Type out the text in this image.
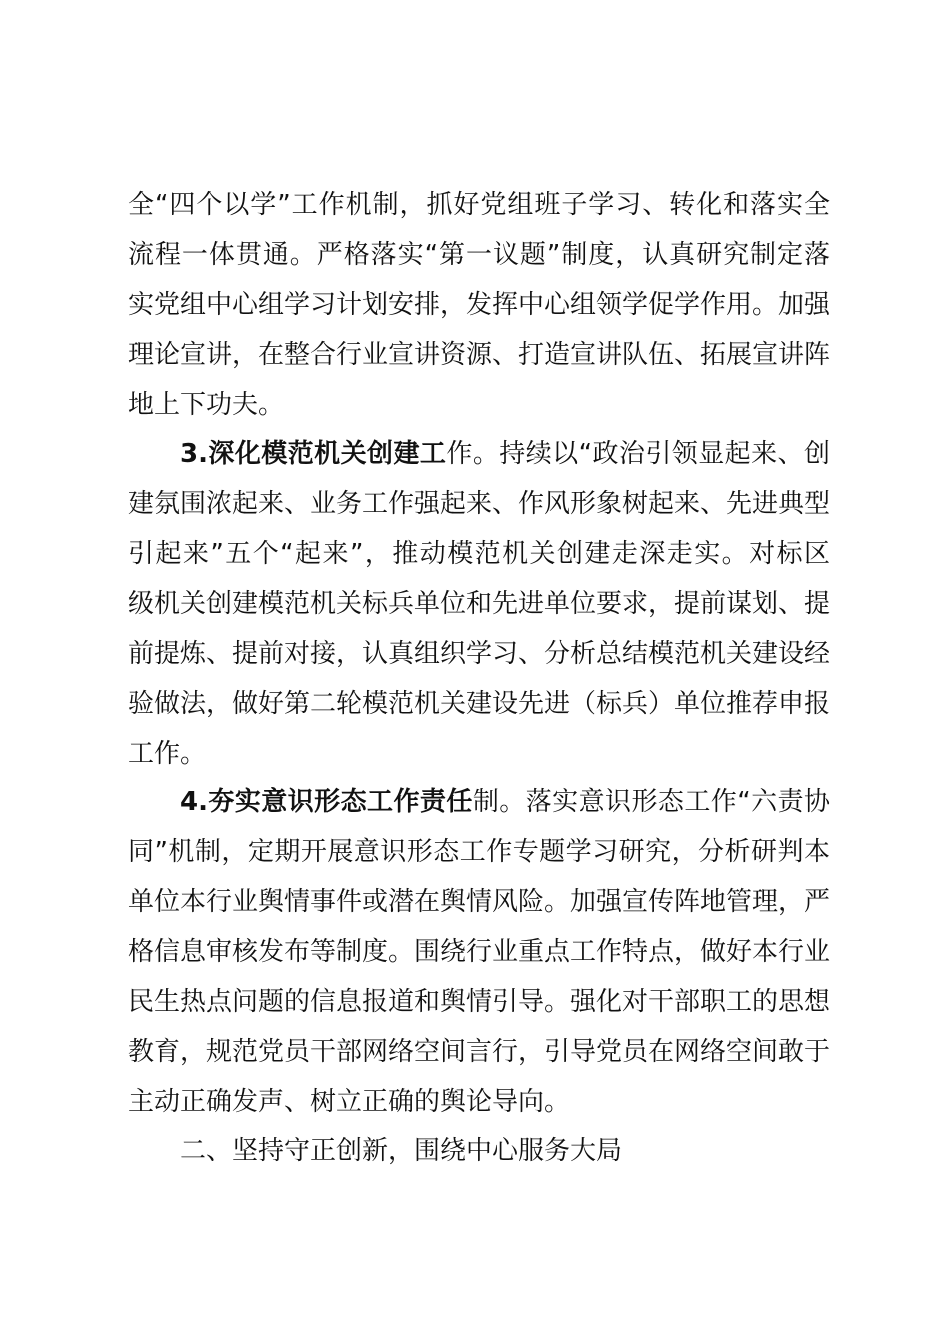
全“四个以学”工作机制，抓好党组班子学习、转化和落实全
流程一体贯通。严格落实“第一议题”制度，认真研究制定落
实党组中心组学习计划安排，发挥中心组领学促学作用。加强
理论宣讲，在整合行业宣讲资源、打造宣讲队伍、拓展宣讲阵
地上下功夫。
3.深化模范机关创建工作。持续以“政治引领显起来、创
建氛围浓起来、业务工作强起来、作风形象树起来、先进典型
引起来”五个“起来”，推动模范机关创建走深走实。对标区
级机关创建模范机关标兵单位和先进单位要求，提前谋划、提
前提炼、提前对接，认真组织学习、分析总结模范机关建设经
验做法，做好第二轮模范机关建设先进（标兵）单位推荐申报
工作。
4.夯实意识形态工作责任制。落实意识形态工作“六责协
同”机制，定期开展意识形态工作专题学习研究，分析研判本
单位本行业舆情事件或潜在舆情风险。加强宣传阵地管理，严
格信息审核发布等制度。围绕行业重点工作特点，做好本行业
民生热点问题的信息报道和舆情引导。强化对干部职工的思想
教育，规范党员干部网络空间言行，引导党员在网络空间敢于
主动正确发声、树立正确的舆论导向。
二、坚持守正创新，围绕中心服务大局
